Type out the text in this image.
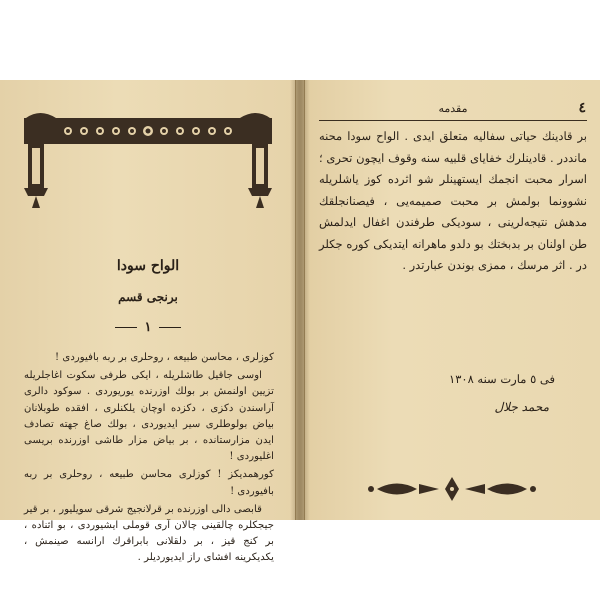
الواح سودا
برنجی قسم
١

كوزلری ، محاسن طبیعه ، روحلری بر ربه بافیوردی !

اوسی جاقیل طاشلریله ، ایكی طرفی سكوت اغاجلریله تزیین اولنمش بر بولك اوزرنده یوریوردی . سوكود دالری آراسندن دكزی ، دكزده اوچان یلكنلری ، افقده طوبلانان بیاض بولوطلری سیر ایدیوردی ، بولك صاغ جهته تصادف ایدن مزارستانده ، بر بیاض مزار طاشی اوزرنده بریسی اغلیوردی !

كورهمدیكز ! كوزلری محاسن طبیعه ، روحلری بر ربه بافیوردی !

قابصی دالی اوزرنده بر قرلانجیج شرقی سویلیور ، بر قیر جیجكلره چالقینی چالان آری قوملی ایشیوردی ، بو اثناده ، بر كنج قیز ، بر دلقلانی بابراقرك ارانسه صینمش ، یكدیكرینه افشای راز ایدیوردیلر .

مقدمه	٤

بر قادینك حیاتی سفالیه متعلق ایدی . الواح سودا محنه مانددر . قادینلرك خفایای قلبیه سنه وقوف ایچون تحری ؛ اسرار محبت انجمك ایستهینلر شو اثرده كوز یاشلریله نشوونما بولمش بر محبت صمیمه‌یی ، فیصنانجلقك مدهش نتیجه‌لرینی ، سودیكی طرفندن اغفال ایدلمش طن اولنان بر بدبختك بو دلدو ماهرانه ایتدیكی كوره جكلر در . اثر مرسك ، ممزی بوندن عبارتدر .

فی ٥ مارت سنه ١٣٠٨
محمد جلال
